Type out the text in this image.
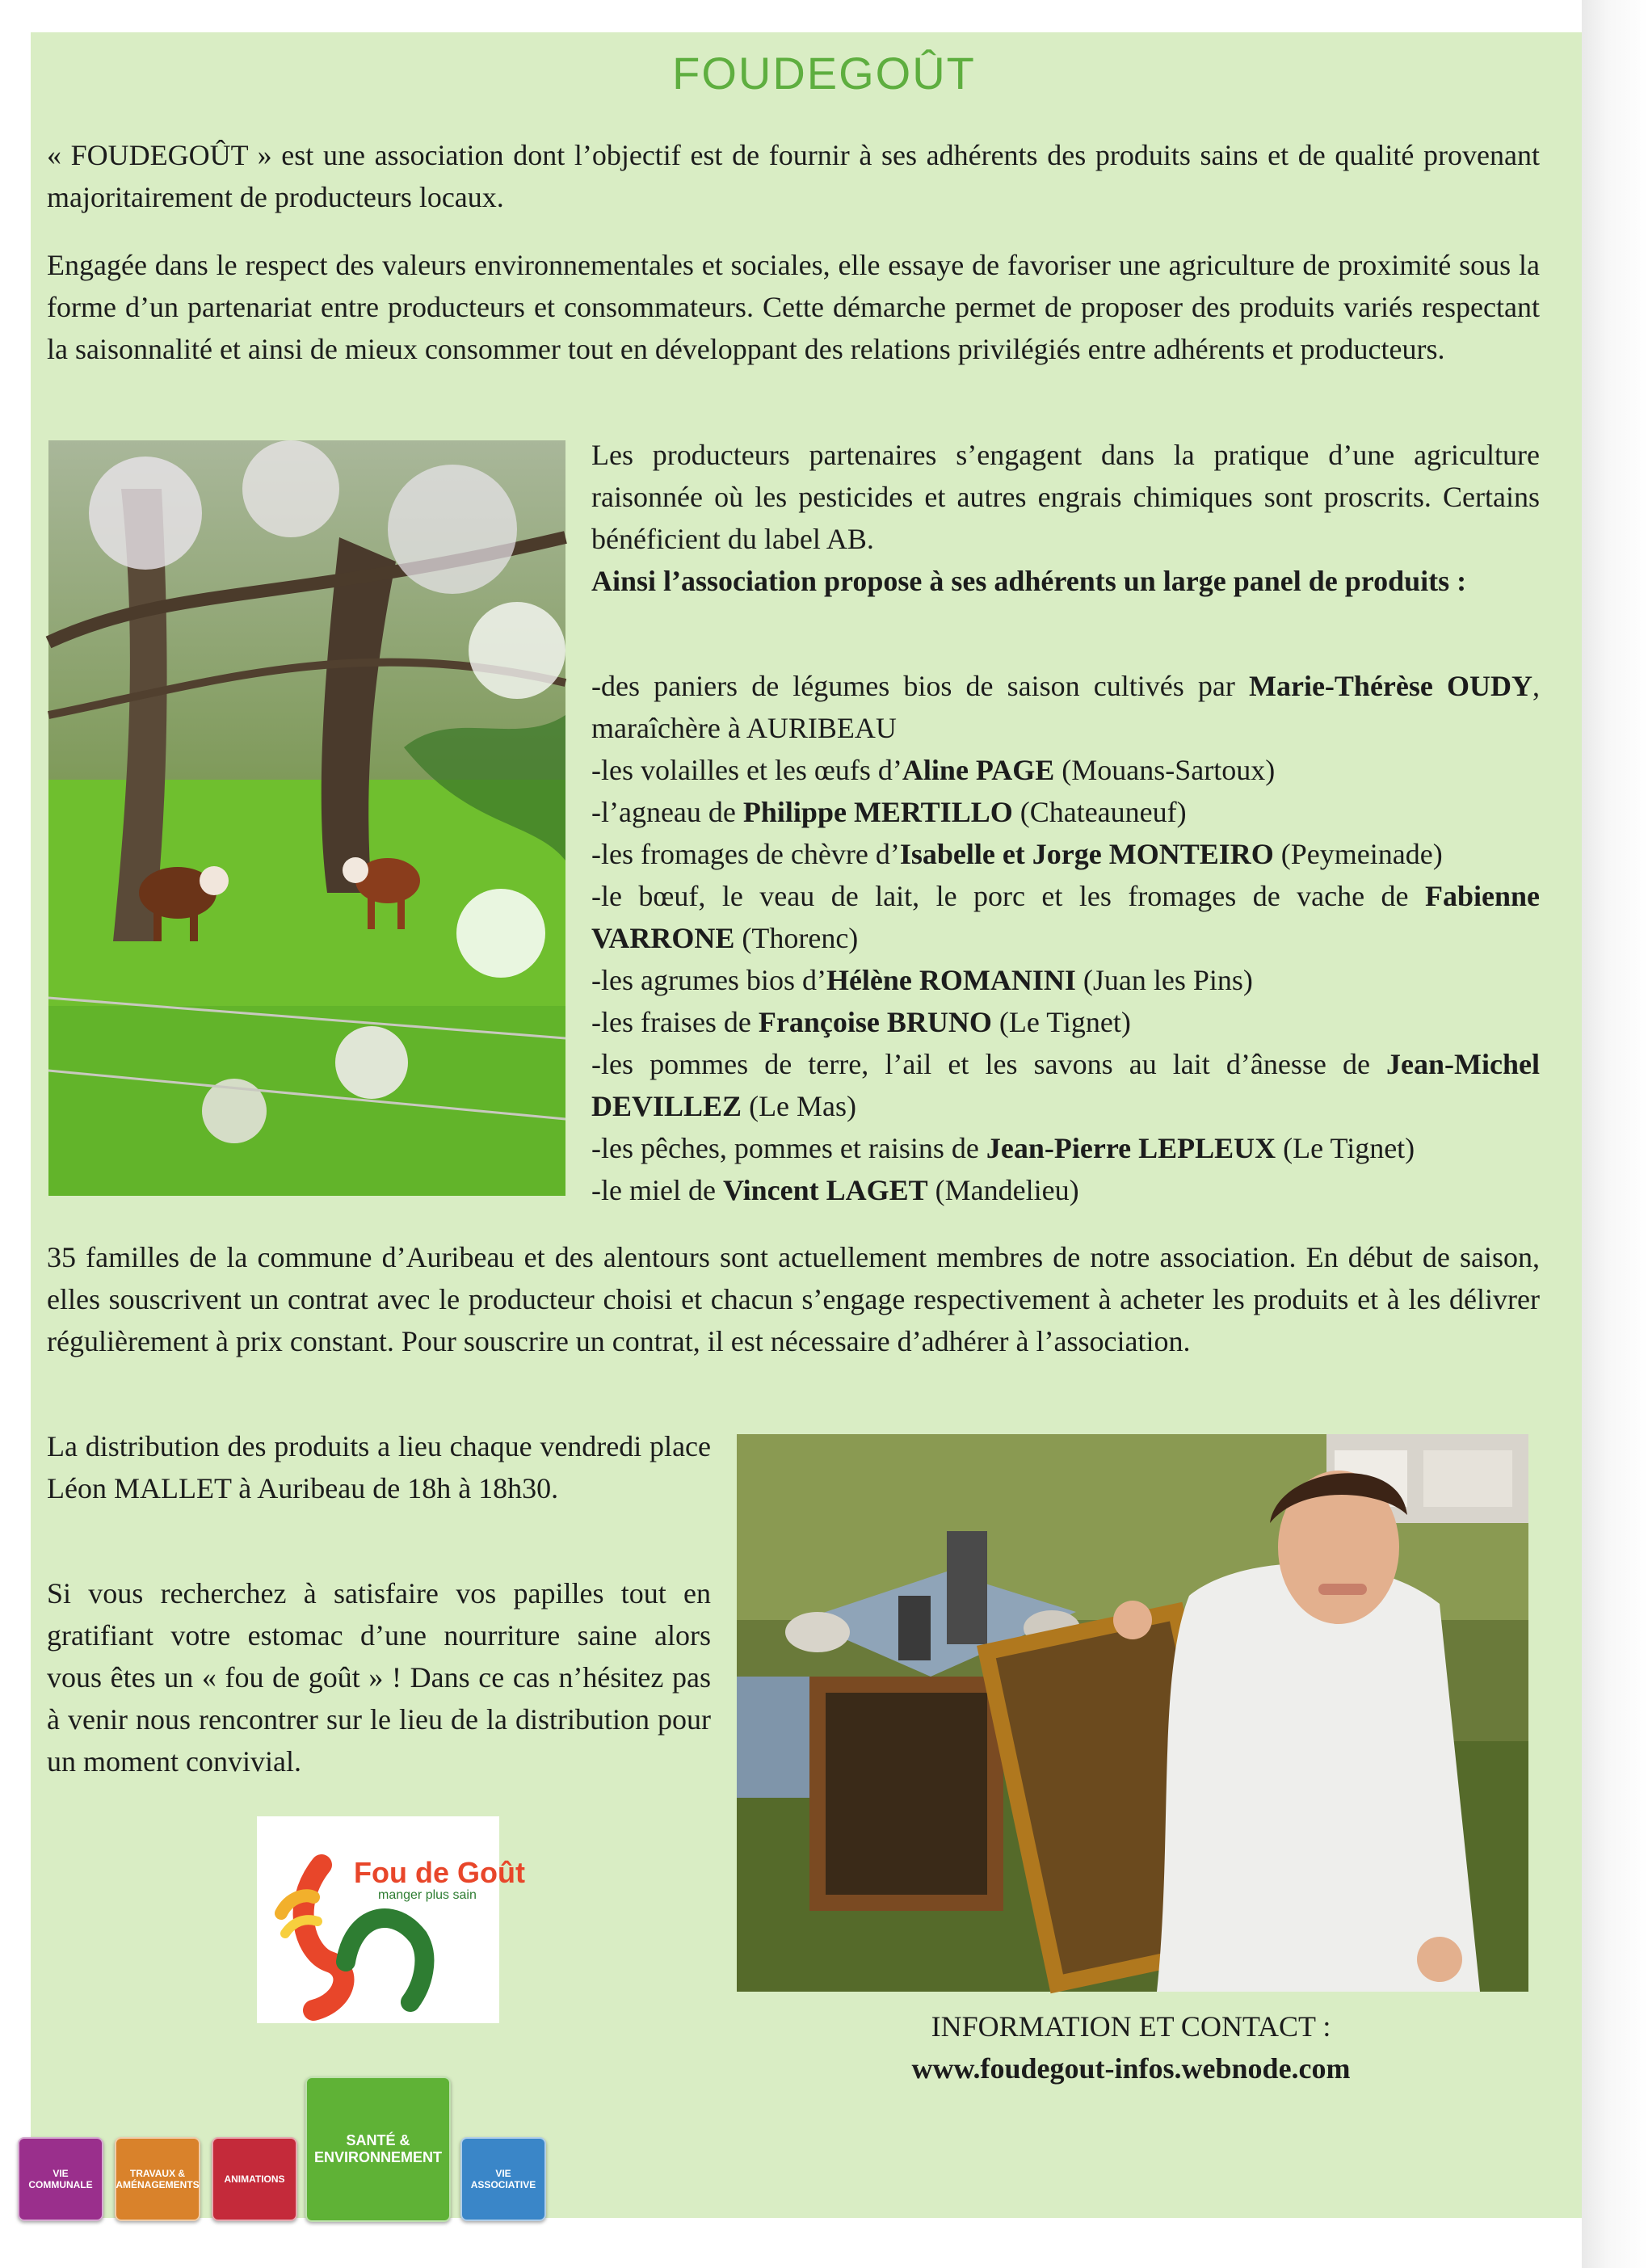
FOUDEGOÛT

« FOUDEGOÛT » est une association dont l’objectif est de fournir à ses adhérents des produits sains et de qualité provenant majoritairement de producteurs locaux.

Engagée dans le respect des valeurs environnementales et sociales, elle essaye de favoriser une agriculture de proximité sous la forme d’un partenariat entre producteurs et consommateurs. Cette démarche permet de proposer des produits variés respectant la saisonnalité et ainsi de mieux consommer tout en développant des relations privilégiés entre adhérents et producteurs.

Les producteurs partenaires s’engagent dans la pratique d’une agriculture raisonnée où les pesticides et autres engrais chimiques sont proscrits. Certains bénéficient du label AB.

Ainsi l’association propose à ses adhérents un large panel de produits :

-des paniers de légumes bios de saison cultivés par Marie-Thérèse OUDY, maraîchère à AURIBEAU

-les volailles et les œufs d’Aline PAGE (Mouans-Sartoux)

-l’agneau de Philippe MERTILLO (Chateauneuf)

-les fromages de chèvre d’Isabelle et Jorge MONTEIRO (Peymeinade)

-le bœuf, le veau de lait, le porc et les fromages de vache de Fabienne VARRONE (Thorenc)

-les agrumes bios d’Hélène ROMANINI (Juan les Pins)

-les fraises de Françoise BRUNO (Le Tignet)

-les pommes de terre, l’ail et les savons au lait d’ânesse de Jean-Michel DEVILLEZ (Le Mas)

-les pêches, pommes et raisins de Jean-Pierre LEPLEUX (Le Tignet)

-le miel de Vincent LAGET (Mandelieu)

35 familles de la commune d’Auribeau et des alentours sont actuellement membres de notre association. En début de saison, elles souscrivent un contrat avec le producteur choisi et chacun s’engage respectivement à acheter les produits et à les délivrer régulièrement à prix constant. Pour souscrire un contrat, il est nécessaire d’adhérer à l’association.

La distribution des produits a lieu chaque vendredi place Léon MALLET à Auribeau de 18h à 18h30.

Si vous recherchez à satisfaire vos papilles tout en gratifiant votre estomac d’une nourriture saine alors vous êtes un « fou de goût » ! Dans ce cas n’hésitez pas à venir nous rencontrer sur le lieu de la distribution pour un moment convivial.

Fou de Goût
manger plus sain
INFORMATION ET CONTACT :
www.foudegout-infos.webnode.com
VIE
COMMUNALE
TRAVAUX &
AMÉNAGEMENTS	ANIMATIONS
SANTÉ &
ENVIRONNEMENT
VIE
ASSOCIATIVE
